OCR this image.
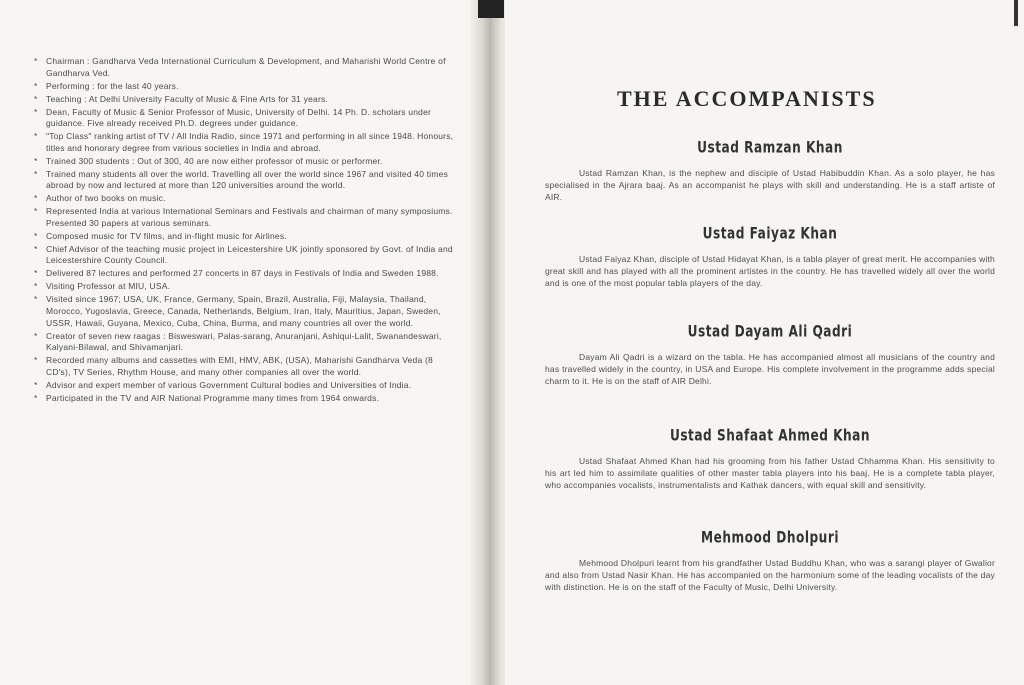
* Chairman : Gandharva Veda International Curriculum & Development, and Maharishi World Centre of Gandharva Ved.
* Performing : for the last 40 years.
* Teaching : At Delhi University Faculty of Music & Fine Arts for 31 years.
* Dean, Faculty of Music & Senior Professor of Music, University of Delhi. 14 Ph. D. scholars under guidance. Five already received Ph.D. degrees under guidance.
* "Top Class" ranking artist of TV / All India Radio, since 1971 and performing in all since 1948. Honours, titles and honorary degree from various societies in India and abroad.
* Trained 300 students : Out of 300, 40 are now either professor of music or performer.
* Trained many students all over the world. Travelling all over the world since 1967 and visited 40 times abroad by now and lectured at more than 120 universities around the world.
* Author of two books on music.
* Represented India at various International Seminars and Festivals and chairman of many symposiums. Presented 30 papers at various seminars.
* Composed music for TV films, and in-flight music for Airlines.
* Chief Advisor of the teaching music project in Leicestershire UK jointly sponsored by Govt. of India and Leicestershire County Council.
* Delivered 87 lectures and performed 27 concerts in 87 days in Festivals of India and Sweden 1988.
* Visiting Professor at MIU, USA.
* Visited since 1967; USA, UK, France, Germany, Spain, Brazil, Australia, Fiji, Malaysia, Thailand, Morocco, Yugoslavia, Greece, Canada, Netherlands, Belgium, Iran, Italy, Mauritius, Japan, Sweden, USSR, Hawaii, Guyana, Mexico, Cuba, China, Burma, and many countries all over the world.
* Creator of seven new raagas : Bisweswari, Palas-sarang, Anuranjani, Ashiqui-Lalit, Swanandeswari, Kalyani-Bilawal, and Shivamanjari.
* Recorded many albums and cassettes with EMI, HMV, ABK, (USA), Maharishi Gandharva Veda (8 CD's), TV Series, Rhythm House, and many other companies all over the world.
* Advisor and expert member of various Government Cultural bodies and Universities of India.
* Participated in the TV and AIR National Programme many times from 1964 onwards.
THE ACCOMPANISTS
Ustad Ramzan Khan

Ustad Ramzan Khan, is the nephew and disciple of Ustad Habibuddin Khan. As a solo player, he has specialised in the Ajrara baaj. As an accompanist he plays with skill and understanding. He is a staff artiste of AIR.

Ustad Faiyaz Khan

Ustad Faiyaz Khan, disciple of Ustad Hidayat Khan, is a tabla player of great merit. He accompanies with great skill and has played with all the prominent artistes in the country. He has travelled widely all over the world and is one of the most popular tabla players of the day.

Ustad Dayam Ali Qadri

Dayam Ali Qadri is a wizard on the tabla. He has accompanied almost all musicians of the country and has travelled widely in the country, in USA and Europe. His complete involvement in the programme adds special charm to it. He is on the staff of AIR Delhi.

Ustad Shafaat Ahmed Khan

Ustad Shafaat Ahmed Khan had his grooming from his father Ustad Chhamma Khan. His sensitivity to his art led him to assimilate qualities of other master tabla players into his baaj. He is a complete tabla player, who accompanies vocalists, instrumentalists and Kathak dancers, with equal skill and sensitivity.

Mehmood Dholpuri

Mehmood Dholpuri learnt from his grandfather Ustad Buddhu Khan, who was a sarangi player of Gwalior and also from Ustad Nasir Khan. He has accompanied on the harmonium some of the leading vocalists of the day with distinction. He is on the staff of the Faculty of Music, Delhi University.
